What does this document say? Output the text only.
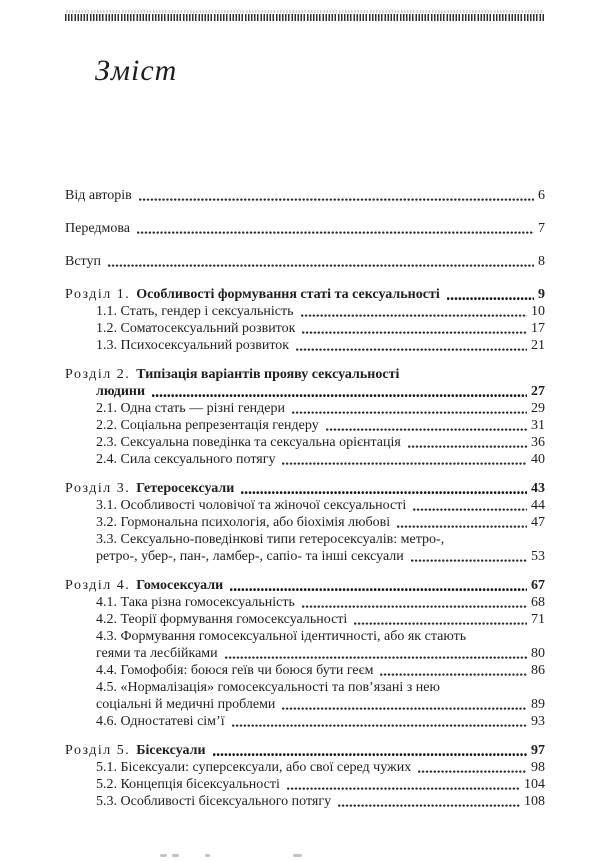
Зміст
Від авторів	6
Передмова	7
Вступ	8
Розділ 1. Особливості формування статі та сексуальності	9
1.1. Стать, гендер і сексуальність	10
1.2. Соматосексуальний розвиток	17
1.3. Психосексуальний розвиток	21
Розділ 2. Типізація варіантів прояву сексуальності
людини	27
2.1. Одна стать — різні гендери	29
2.2. Соціальна репрезентація гендеру	31
2.3. Сексуальна поведінка та сексуальна орієнтація	36
2.4. Сила сексуального потягу	40
Розділ 3. Гетеросексуали	43
3.1. Особливості чоловічої та жіночої сексуальності	44
3.2. Гормональна психологія, або біохімія любові	47
3.3. Сексуально-поведінкові типи гетеросексуалів: метро-,
ретро-, убер-, пан-, ламбер-, сапіо- та інші сексуали	53
Розділ 4. Гомосексуали	67
4.1. Така різна гомосексуальність	68
4.2. Теорії формування гомосексуальності	71
4.3. Формування гомосексуальної ідентичності, або як стають
геями та лесбійками	80
4.4. Гомофобія: боюся геїв чи боюся бути геєм	86
4.5. «Нормалізація» гомосексуальності та пов’язані з нею
соціальні й медичні проблеми	89
4.6. Одностатеві сім’ї	93
Розділ 5. Бісексуали	97
5.1. Бісексуали: суперсексуали, або свої серед чужих	98
5.2. Концепція бісексуальності	104
5.3. Особливості бісексуального потягу	108
